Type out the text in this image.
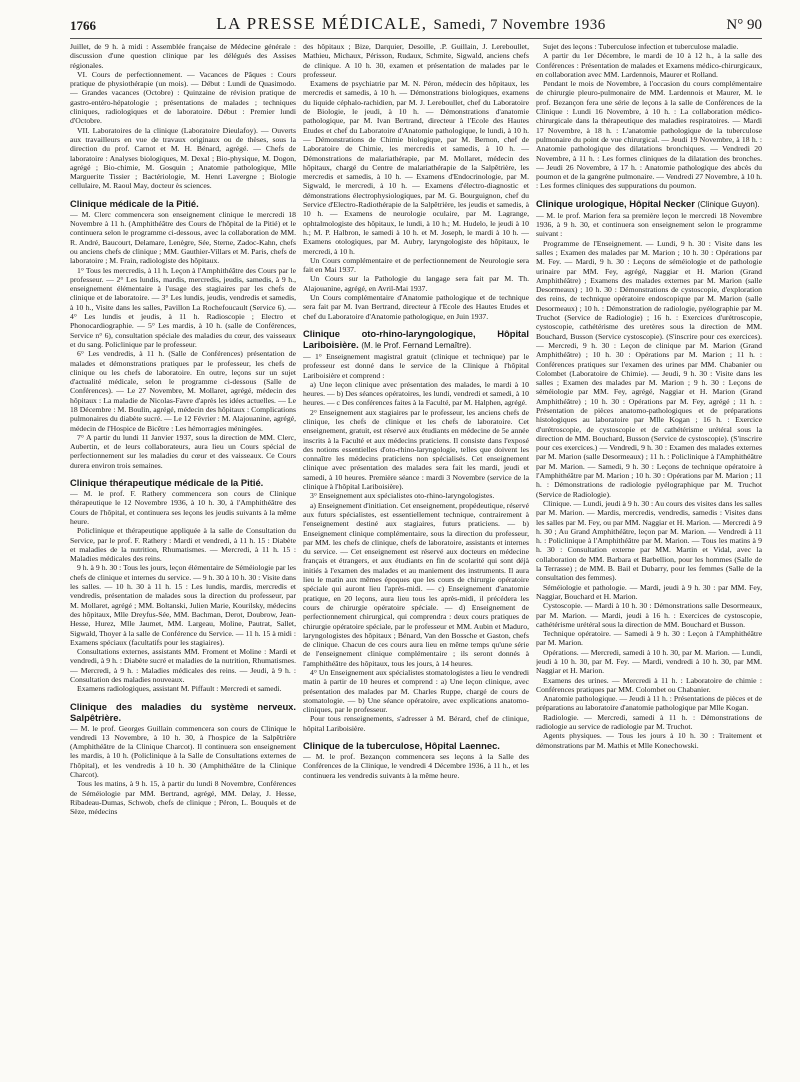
1766	LA PRESSE MÉDICALE, Samedi, 7 Novembre 1936	N° 90

Juillet, de 9 h. à midi : Assemblée française de Médecine générale : discussion d'une question clinique par les délégués des Assises régionales.

VI. Cours de perfectionnement. — Vacances de Pâques : Cours pratique de physiothérapie (un mois). — Début : Lundi de Quasimodo. — Grandes vacances (Octobre) : Quinzaine de révision pratique de gastro-entéro-hépatologie ; présentations de malades ; techniques cliniques, radiologiques et de laboratoire. Début : Premier lundi d'Octobre.

VII. Laboratoires de la clinique (Laboratoire Dieulafoy). — Ouverts aux travailleurs en vue de travaux originaux ou de thèses, sous la direction du prof. Carnot et M. H. Bénard, agrégé. — Chefs de laboratoire : Analyses biologiques, M. Dexal ; Bio-physique, M. Dogon, agrégé ; Bio-chimie, M. Gosquin ; Anatomie pathologique, Mlle Marguerite Tissier ; Bactériologie, M. Henri Lavergne ; Biologie cellulaire, M. Raoul May, docteur ès sciences.

Clinique médicale de la Pitié.

— M. Clerc commencera son enseignement clinique le mercredi 18 Novembre à 11 h. (Amphithéâtre des Cours de l'hôpital de la Pitié) et le continuera selon le programme ci-dessous, avec la collaboration de MM. R. André, Baucourt, Delamare, Lenègre, Sée, Sterne, Zadoc-Kahn, chefs ou anciens chefs de clinique ; MM. Gauthier-Villars et M. Paris, chefs de laboratoire ; M. Frain, radiologiste des hôpitaux.

1° Tous les mercredis, à 11 h. Leçon à l'Amphithéâtre des Cours par le professeur. — 2° Les lundis, mardis, mercredis, jeudis, samedis, à 9 h., enseignement élémentaire à l'usage des stagiaires par les chefs de clinique et de laboratoire. — 3° Les lundis, jeudis, vendredis et samedis, à 10 h., Visite dans les salles, Pavillon La Rochefoucault (Service 6). — 4° Les lundis et jeudis, à 11 h. Radioscopie ; Electro et Phonocardiographie. — 5° Les mardis, à 10 h. (salle de Conférences, Service n° 6), consultation spéciale des maladies du cœur, des vaisseaux et du sang. Policlinique par le professeur.

6° Les vendredis, à 11 h. (Salle de Conférences) présentation de malades et démonstrations pratiques par le professeur, les chefs de clinique ou les chefs de laboratoire. En outre, leçons sur un sujet d'actualité médicale, selon le programme ci-dessous (Salle de Conférences). — Le 27 Novembre, M. Mollaret, agrégé, médecin des hôpitaux : La maladie de Nicolas-Favre d'après les idées actuelles. — Le 18 Décembre : M. Boulin, agrégé, médecin des hôpitaux : Complications pulmonaires du diabète sucré. — Le 12 Février : M. Alajouanine, agrégé, médecin de l'Hospice de Bicêtre : Les hémorragies méningées.

7° A partir du lundi 11 Janvier 1937, sous la direction de MM. Clerc, Aubertin, et de leurs collaborateurs, aura lieu un Cours spécial de perfectionnement sur les maladies du cœur et des vaisseaux. Ce Cours durera environ trois semaines.

Clinique thérapeutique médicale de la Pitié.

— M. le prof. F. Rathery commencera son cours de Clinique thérapeutique le 12 Novembre 1936, à 10 h. 30, à l'Amphithéâtre des Cours de l'hôpital, et continuera ses leçons les jeudis suivants à la même heure.

Policlinique et thérapeutique appliquée à la salle de Consultation du Service, par le prof. F. Rathery : Mardi et vendredi, à 11 h. 15 : Diabète et maladies de la nutrition, Rhumatismes. — Mercredi, à 11 h. 15 : Maladies médicales des reins.

9 h. à 9 h. 30 : Tous les jours, leçon élémentaire de Séméiologie par les chefs de clinique et internes du service. — 9 h. 30 à 10 h. 30 : Visite dans les salles. — 10 h. 30 à 11 h. 15 : Les lundis, mardis, mercredis et vendredis, présentation de malades sous la direction du professeur, par M. Mollaret, agrégé ; MM. Boltanski, Julien Marie, Kourilsky, médecins des hôpitaux, Mlle Dreyfus-Sée, MM. Bachman, Derot, Doubrow, Jean-Hesse, Hurez, Mlle Jaumet, MM. Largeau, Moline, Pautrat, Sallet, Sigwald, Thoyer à la salle de Conférence du Service. — 11 h. 15 à midi : Examens spéciaux (facultatifs pour les stagiaires).

Consultations externes, assistants MM. Froment et Moline : Mardi et vendredi, à 9 h. : Diabète sucré et maladies de la nutrition, Rhumatismes. — Mercredi, à 9 h. : Maladies médicales des reins. — Jeudi, à 9 h. : Consultation des maladies nouveaux.

Examens radiologiques, assistant M. Piffault : Mercredi et samedi.

Clinique des maladies du système nerveux. Salpêtrière.

— M. le prof. Georges Guillain commencera son cours de Clinique le vendredi 13 Novembre, à 10 h. 30, à l'hospice de la Salpêtrière (Amphithéâtre de la Clinique Charcot). Il continuera son enseignement les mardis, à 10 h. (Policlinique à la Salle de Consultations externes de l'hôpital), et les vendredis à 10 h. 30 (Amphithéâtre de la Clinique Charcot).

Tous les matins, à 9 h. 15, à partir du lundi 8 Novembre, Conférences de Séméiologie par MM. Bertrand, agrégé, MM. Delay, J. Hesse, Ribadeau-Dumas, Schwob, chefs de clinique ; Péron, L. Bouquès et de Sèze, médecins

des hôpitaux ; Bize, Darquier, Desoille, .P. Guillain, J. Lereboullet, Mathieu, Michaux, Périsson, Rudaux, Schmite, Sigwald, anciens chefs de clinique. A 10 h. 30, examen et présentation de malades par le professeur.

Examens de psychiatrie par M. N. Péron, médecin des hôpitaux, les mercredis et samedis, à 10 h. — Démonstrations biologiques, examens du liquide céphalo-rachidien, par M. J. Lereboullet, chef du Laboratoire de Biologie, le jeudi, à 10 h. — Démonstrations d'anatomie pathologique, par M. Ivan Bertrand, directeur à l'Ecole des Hautes Etudes et chef du Laboratoire d'Anatomie pathologique, le lundi, à 10 h. — Démonstrations de Chimie biologique, par M. Bernon, chef de Laboratoire de Chimie, les mercredis et samedis, à 10 h. — Démonstrations de malariathérapie, par M. Mollaret, médecin des hôpitaux, chargé du Centre de malariathérapie de la Salpêtrière, les mercredis et samedis, à 10 h. — Examens d'Endocrinologie, par M. Sigwald, le mercredi, à 10 h. — Examens d'électro-diagnostic et démonstrations électrophysiologiques, par M. G. Bourguignon, chef du Service d'Electro-Radiothérapie de la Salpêtrière, les jeudis et samedis, à 10 h. — Examens de neurologie oculaire, par M. Lagrange, ophtalmologiste des hôpitaux, le lundi, à 10 h.; M. Hudelo, le jeudi à 10 h.; M. P. Halbron, le samedi à 10 h. et M. Joseph, le mardi à 10 h. — Examens otologiques, par M. Aubry, laryngologiste des hôpitaux, le mercredi, à 10 h.

Un Cours complémentaire et de perfectionnement de Neurologie sera fait en Mai 1937.

Un Cours sur la Pathologie du langage sera fait par M. Th. Alajouanine, agrégé, en Avril-Mai 1937.

Un Cours complémentaire d'Anatomie pathologique et de technique sera fait par M. Ivan Bertrand, directeur à l'Ecole des Hautes Etudes et chef du Laboratoire d'Anatomie pathologique, en Juin 1937.

Clinique oto-rhino-laryngologique, Hôpital Lariboisière. (M. le Prof. Fernand Lemaître).

— 1° Enseignement magistral gratuit (clinique et technique) par le professeur est donné dans le service de la Clinique à l'hôpital Lariboisière et comprend :

a) Une leçon clinique avec présentation des malades, le mardi à 10 heures. — b) Des séances opératoires, les lundi, vendredi et samedi, à 10 heures. — c Des conférences faites à la Faculté, par M. Halphen, agrégé.

2° Enseignement aux stagiaires par le professeur, les anciens chefs de clinique, les chefs de clinique et les chefs de laboratoire. Cet enseignement, gratuit, est réservé aux étudiants en médecine de 5e année inscrits à la Faculté et aux médecins praticiens. Il consiste dans l'exposé des notions essentielles d'oto-rhino-laryngologie, telles que doivent les connaître les médecins praticiens non spécialisés. Cet enseignement clinique avec présentation des malades sera fait les mardi, jeudi et samedi, à 10 heures. Première séance : mardi 3 Novembre (service de la clinique à l'hôpital Lariboisière).

3° Enseignement aux spécialistes oto-rhino-laryngologistes.

a) Enseignement d'initiation. Cet enseignement, propédeutique, réservé aux futurs spécialistes, est essentiellement technique, contrairement à l'enseignement destiné aux stagiaires, futurs praticiens. — b) Enseignement clinique complémentaire, sous la direction du professeur, par MM. les chefs de clinique, chefs de laboratoire, assistants et internes du service. — Cet enseignement est réservé aux docteurs en médecine français et étrangers, et aux étudiants en fin de scolarité qui sont déjà initiés à l'examen des malades et au maniement des instruments. Il aura lieu le matin aux mêmes époques que les cours de chirurgie opératoire spéciale qui auront lieu l'après-midi. — c) Enseignement d'anatomie pratique, en 20 leçons, aura lieu tous les après-midi, il précédera les cours de chirurgie opératoire spéciale. — d) Enseignement de perfectionnement chirurgical, qui comprendra : deux cours pratiques de chirurgie opératoire spéciale, par le professeur et MM. Aubin et Maduro, laryngologistes des hôpitaux ; Bénard, Van den Bossche et Gaston, chefs de clinique. Chacun de ces cours aura lieu en même temps qu'une série de l'enseignement clinique complémentaire ; ils seront donnés à l'amphithéâtre des hôpitaux, tous les jours, à 14 heures.

4° Un Enseignement aux spécialistes stomatologistes a lieu le vendredi matin à partir de 10 heures et comprend : a) Une leçon clinique, avec présentation des malades par M. Charles Ruppe, chargé de cours de stomatologie. — b) Une séance opératoire, avec explications anatomo-cliniques, par le professeur.

Pour tous renseignements, s'adresser à M. Bérard, chef de clinique, hôpital Lariboisière.

Clinique de la tuberculose, Hôpital Laennec.

— M. le prof. Bezançon commencera ses leçons à la Salle des Conférences de la Clinique, le vendredi 4 Décembre 1936, à 11 h., et les continuera les vendredis suivants à la même heure.

Sujet des leçons : Tuberculose infection et tuberculose maladie.

A partir du 1er Décembre, le mardi de 10 à 12 h., à la salle des Conférences : Présentation de malades et Examens médico-chirurgicaux, en collaboration avec MM. Lardennois, Maurer et Rolland.

Pendant le mois de Novembre, à l'occasion du cours complémentaire de chirurgie pleuro-pulmonaire de MM. Lardennois et Maurer, M. le prof. Bezançon fera une série de leçons à la salle de Conférences de la Clinique : Lundi 16 Novembre, à 10 h. : La collaboration médico-chirurgicale dans la thérapeutique des maladies respiratoires. — Mardi 17 Novembre, à 18 h. : L'anatomie pathologique de la tuberculose pulmonaire du point de vue chirurgical. — Jeudi 19 Novembre, à 18 h. : Anatomie pathologique des dilatations bronchiques. — Vendredi 20 Novembre, à 11 h. : Les formes cliniques de la dilatation des bronches. — Jeudi 26 Novembre, à 17 h. : Anatomie pathologique des abcès du poumon et de la gangrène pulmonaire. — Vendredi 27 Novembre, à 10 h. : Les formes cliniques des suppurations du poumon.

Clinique urologique, Hôpital Necker (Clinique Guyon).

— M. le prof. Marion fera sa première leçon le mercredi 18 Novembre 1936, à 9 h. 30, et continuera son enseignement selon le programme suivant :

Programme de l'Enseignement. — Lundi, 9 h. 30 : Visite dans les salles ; Examen des malades par M. Marion ; 10 h. 30 : Opérations par M. Fey. — Mardi, 9 h. 30 : Leçons de séméiologie et de pathologie urinaire par MM. Fey, agrégé, Naggiar et H. Marion (Grand Amphithéâtre) ; Examens des malades externes par M. Marion (salle Desormeaux) ; 10 h. 30 : Démonstrations de cystoscopie, d'exploration des reins, de technique opératoire endoscopique par M. Marion (salle Desormeaux) ; 10 h. : Démonstration de radiologie, pyélographie par M. Truchot (Service de Radiologie) ; 16 h. : Exercices d'urétroscopie, cystoscopie, cathétérisme des uretères sous la direction de MM. Bouchard, Busson (Service cystoscopie). (S'inscrire pour ces exercices). — Mercredi, 9 h. 30 : Leçon de clinique par M. Marion (Grand Amphithéâtre) ; 10 h. 30 : Opérations par M. Marion ; 11 h. : Conférences pratiques sur l'examen des urines par MM. Chabanier ou Colombet (Laboratoire de Chimie). — Jeudi, 9 h. 30 : Visite dans les salles ; Examen des malades par M. Marion ; 9 h. 30 : Leçons de séméiologie par MM. Fey, agrégé, Naggiar et H. Marion (Grand Amphithéâtre) ; 10 h. 30 : Opérations par M. Fey, agrégé ; 11 h. : Présentation de pièces anatomo-pathologiques et de préparations histologiques au laboratoire par Mlle Kogan ; 16 h. : Exercice d'urétroscopie, de cystoscopie et de cathétérisme urétéral sous la direction de MM. Bouchard, Busson (Service de cystoscopie). (S'inscrire pour ces exercices.) — Vendredi, 9 h. 30 : Examen des malades externes par M. Marion (salle Desormeaux) ; 11 h. : Policlinique à l'Amphithéâtre par M. Marion. — Samedi, 9 h. 30 : Leçons de technique opératoire à l'Amphithéâtre par M. Marion ; 10 h. 30 : Opérations par M. Marion ; 11 h. : Démonstrations de radiologie pyélographique par M. Truchot (Service de Radiologie).

Clinique. — Lundi, jeudi à 9 h. 30 : Au cours des visites dans les salles par M. Marion. — Mardis, mercredis, vendredis, samedis : Visites dans les salles par M. Fey, ou par MM. Naggiar et H. Marion. — Mercredi à 9 h. 30 ; Au Grand Amphithéâtre, leçon par M. Marion. — Vendredi à 11 h. : Policlinique à l'Amphithéâtre par M. Marion. — Tous les matins à 9 h. 30 : Consultation externe par MM. Martin et Vidal, avec la collaboration de MM. Barbara et Barbellion, pour les hommes (Salle de la Terrasse) ; de MM. B. Bail et Dubarry, pour les femmes (Salle de la consultation des femmes).

Séméiologie et pathologie. — Mardi, jeudi à 9 h. 30 : par MM. Fey, Naggiar, Bouchard et H. Marion.

Cystoscopie. — Mardi à 10 h. 30 : Démonstrations salle Desormeaux, par M. Marion. — Mardi, jeudi à 16 h. : Exercices de cystoscopie, cathétérisme urétéral sous la direction de MM. Bouchard et Busson.

Technique opératoire. — Samedi à 9 h. 30 : Leçon à l'Amphithéâtre par M. Marion.

Opérations. — Mercredi, samedi à 10 h. 30, par M. Marion. — Lundi, jeudi à 10 h. 30, par M. Fey. — Mardi, vendredi à 10 h. 30, par MM. Naggiar et H. Marion.

Examens des urines. — Mercredi à 11 h. : Laboratoire de chimie : Conférences pratiques par MM. Colombet ou Chabanier.

Anatomie pathologique. — Jeudi à 11 h. : Présentations de pièces et de préparations au laboratoire d'anatomie pathologique par Mlle Kogan.

Radiologie. — Mercredi, samedi à 11 h. : Démonstrations de radiologie au service de radiologie par M. Truchot.

Agents physiques. — Tous les jours à 10 h. 30 : Traitement et démonstrations par M. Mathis et Mlle Konechowski.
